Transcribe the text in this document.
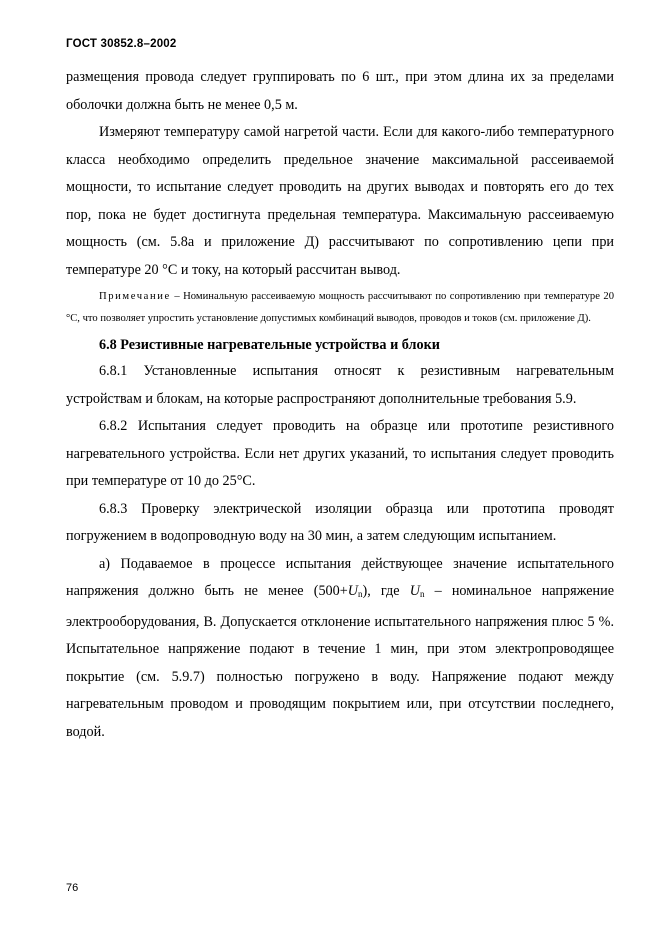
ГОСТ 30852.8–2002

размещения провода следует группировать по 6 шт., при этом длина их за пределами оболочки должна быть не менее 0,5 м.

Измеряют температуру самой нагретой части. Если для какого-либо температурного класса необходимо определить предельное значение максимальной рассеиваемой мощности, то испытание следует проводить на других выводах и повторять его до тех пор, пока не будет достигнута предельная температура. Максимальную рассеиваемую мощность (см. 5.8а и приложение Д) рассчитывают по сопротивлению цепи при температуре 20 °С и току, на который рассчитан вывод.

Примечание – Номинальную рассеиваемую мощность рассчитывают по сопротивлению при температуре 20 °С, что позволяет упростить установление допустимых комбинаций выводов, проводов и токов (см. приложение Д).

6.8 Резистивные нагревательные устройства и блоки

6.8.1 Установленные испытания относят к резистивным нагревательным устройствам и блокам, на которые распространяют дополнительные требования 5.9.

6.8.2 Испытания следует проводить на образце или прототипе резистивного нагревательного устройства. Если нет других указаний, то испытания следует проводить при температуре от 10 до 25°С.

6.8.3 Проверку электрической изоляции образца или прототипа проводят погружением в водопроводную воду на 30 мин, а затем следующим испытанием.

а) Подаваемое в процессе испытания действующее значение испытательного напряжения должно быть не менее $(500+U_n)$, где $U_n$ – номинальное напряжение электрооборудования, В. Допускается отклонение испытательного напряжения плюс 5 %. Испытательное напряжение подают в течение 1 мин, при этом электропроводящее покрытие (см. 5.9.7) полностью погружено в воду. Напряжение подают между нагревательным проводом и проводящим покрытием или, при отсутствии последнего, водой.

76
